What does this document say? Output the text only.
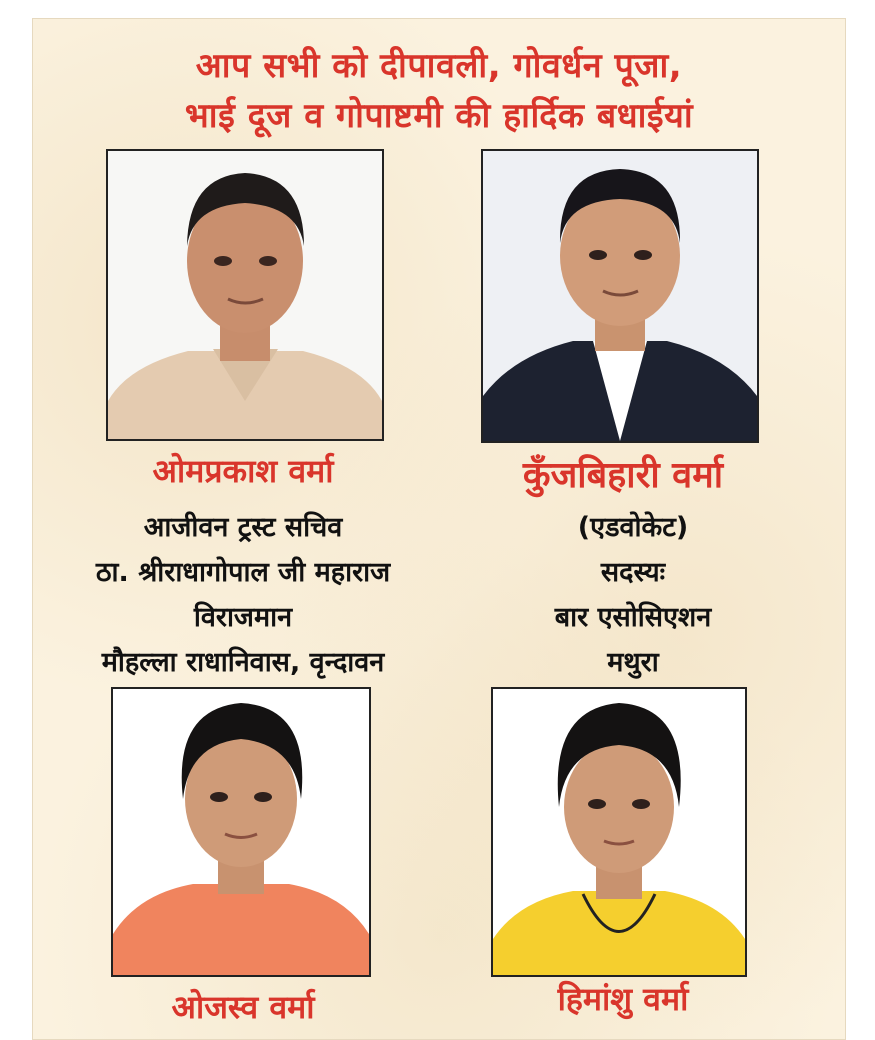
आप सभी को दीपावली, गोवर्धन पूजा,
भाई दूज व गोपाष्टमी की हार्दिक बधाईयां
ओमप्रकाश वर्मा	कुँजबिहारी वर्मा
आजीवन ट्रस्ट सचिव
ठा. श्रीराधागोपाल जी महाराज
विराजमान
मौहल्ला राधानिवास, वृन्दावन
(एडवोकेट)
सदस्यः
बार एसोसिएशन
मथुरा
ओजस्व वर्मा	हिमांशु वर्मा
